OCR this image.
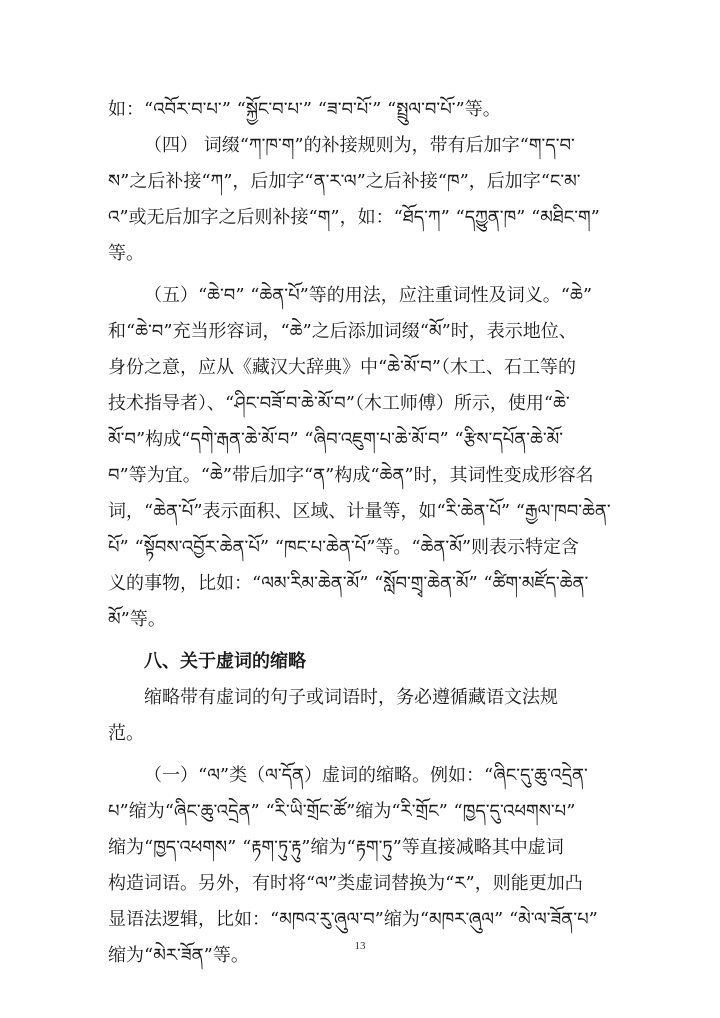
如：“འབོར་བ་པ་” “སྐྱོང་བ་པ་” “ཟ་བ་པོ་” “སྤྲུལ་བ་པོ་”等。
（四） 词缀“ཀ་ཁ་ག”的补接规则为，带有后加字“ག་ད་བ་
ས”之后补接“ཀ”，后加字“ན་ར་ལ”之后补接“ཁ”，后加字“ང་མ་
འ”或无后加字之后则补接“ག”，如：“ཐོད་ཀ” “དཀྱུན་ཁ” “མཐིང་ག”
等。
（五）“ཆེ་བ” “ཆེན་པོ”等的用法，应注重词性及词义。“ཆེ”
和“ཆེ་བ”充当形容词，“ཆེ”之后添加词缀“མོ”时，表示地位、
身份之意，应从《藏汉大辞典》中“ཆེ་མོ་བ”（木工、石工等的
技术指导者）、“ཤིང་བཟོ་བ་ཆེ་མོ་བ”（木工师傅）所示，使用“ཆེ་
མོ་བ”构成“དགེ་རྒན་ཆེ་མོ་བ” “ཞིབ་འཇུག་པ་ཆེ་མོ་བ” “རྩིས་དཔོན་ཆེ་མོ་
བ”等为宜。“ཆེ”带后加字“ན”构成“ཆེན”时，其词性变成形容名
词，“ཆེན་པོ”表示面积、区域、计量等，如“རི་ཆེན་པོ” “རྒྱལ་ཁབ་ཆེན་
པོ” “སྟོབས་འབྱོར་ཆེན་པོ” “ཁང་པ་ཆེན་པོ”等。“ཆེན་མོ”则表示特定含
义的事物，比如：“ལམ་རིམ་ཆེན་མོ” “སློབ་གྲྭ་ཆེན་མོ” “ཚིག་མཛོད་ཆེན་
མོ”等。
八、关于虚词的缩略
缩略带有虚词的句子或词语时，务必遵循藏语文法规
范。
（一）“ལ”类（ལ་དོན）虚词的缩略。例如：“ཞིང་དུ་ཆུ་འདྲེན་
པ”缩为“ཞིང་ཆུ་འདྲེན” “རི་ཡི་གྲོང་ཚོ”缩为“རི་གྲོང” “ཁྱད་དུ་འཕགས་པ”
缩为“ཁྱད་འཕགས” “རྟག་ཏུ་རྟུ”缩为“རྟག་ཏུ”等直接减略其中虚词
构造词语。另外，有时将“ལ”类虚词替换为“ར”，则能更加凸
显语法逻辑，比如：“མཁའ་རུ་ཞུལ་བ”缩为“མཁར་ཞུལ” “མེ་ལ་ཟོན་པ”
缩为“མེར་ཟོན”等。	13
